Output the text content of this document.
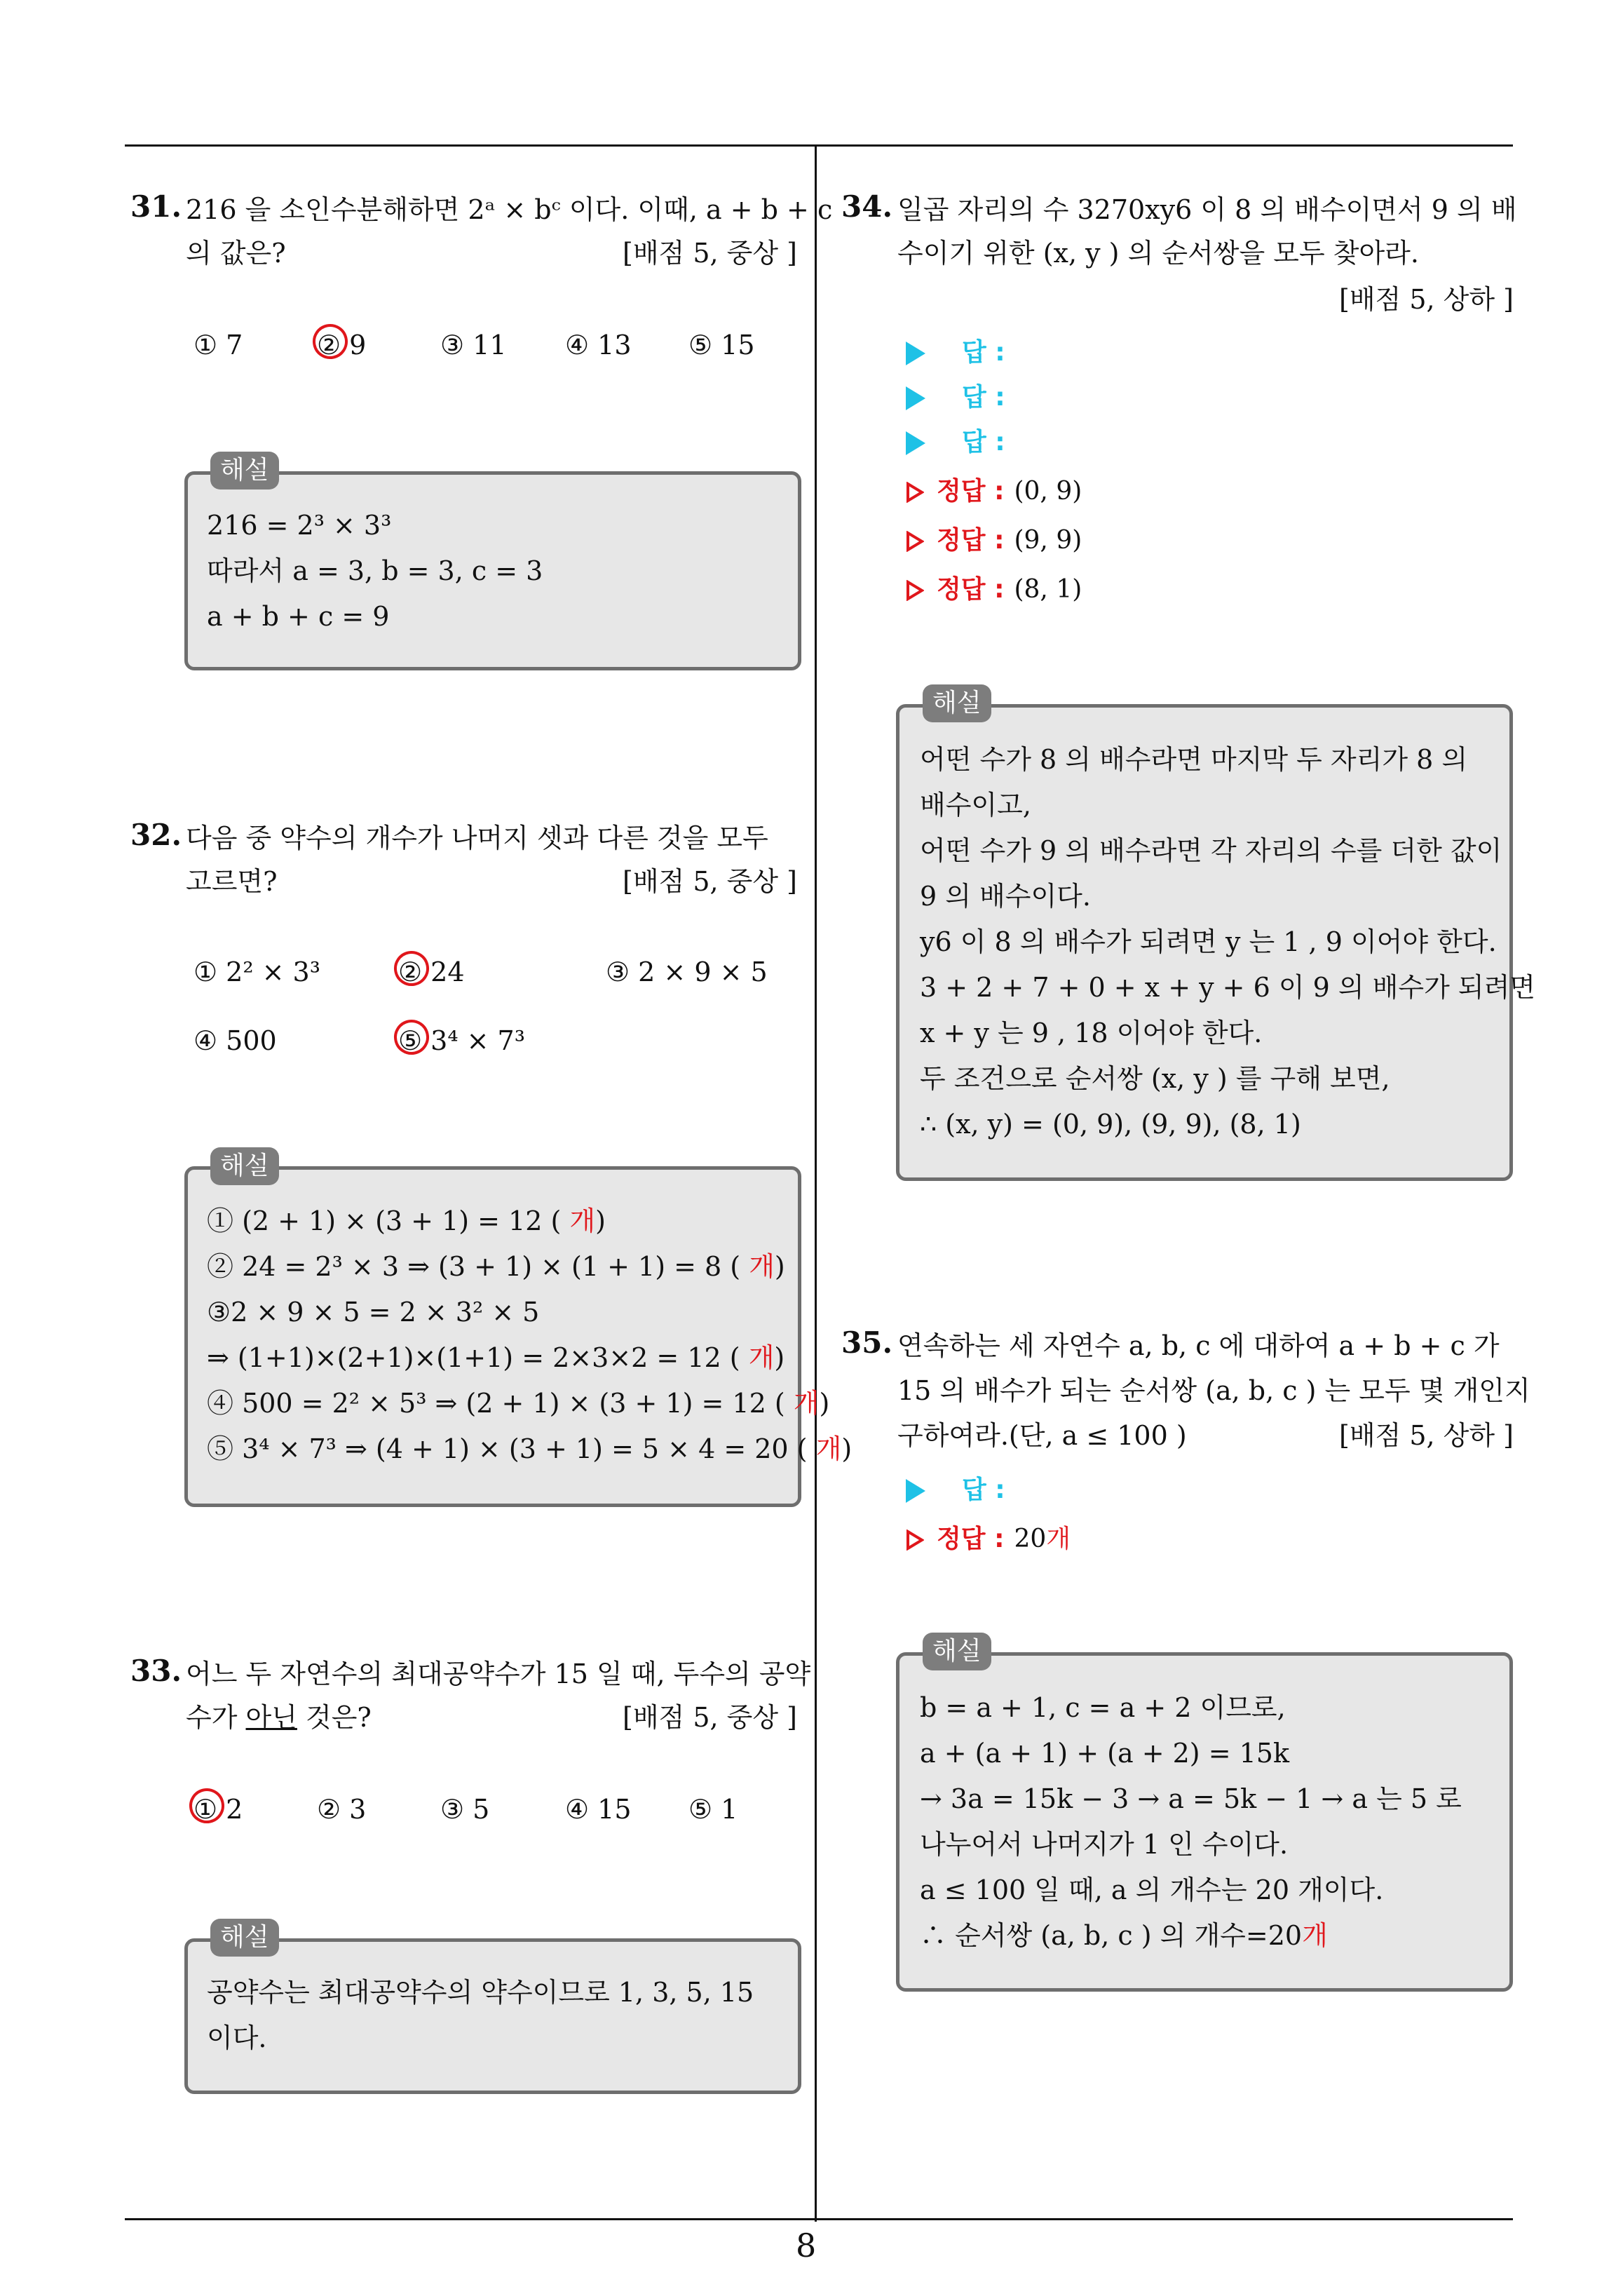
31. 216 을 소인수분해하면 2ᵃ × bᶜ 이다. 이때, a + b + c
의 값은?	[배점 5, 중상 ]
① 7	② 9	③ 11 ④ 13 ⑤ 15
해설
216 = 2³ × 3³
따라서 a = 3, b = 3, c = 3
a + b + c = 9
32. 다음 중 약수의 개수가 나머지 셋과 다른 것을 모두
고르면?	[배점 5, 중상 ]
① 2² × 3³	② 24	③ 2 × 9 × 5
④ 500	⑤ 3⁴ × 7³
해설
① (2 + 1) × (3 + 1) = 12 ( 개)
② 24 = 2³ × 3 ⇒ (3 + 1) × (1 + 1) = 8 ( 개)
③2 × 9 × 5 = 2 × 3² × 5
⇒ (1+1)×(2+1)×(1+1) = 2×3×2 = 12 ( 개)
④ 500 = 2² × 5³ ⇒ (2 + 1) × (3 + 1) = 12 ( 개)
⑤ 3⁴ × 7³ ⇒ (4 + 1) × (3 + 1) = 5 × 4 = 20 ( 개)
33. 어느 두 자연수의 최대공약수가 15 일 때, 두수의 공약
수가 아닌 것은?	[배점 5, 중상 ]
① 2	② 3	③ 5	④ 15 ⑤ 1
해설
공약수는 최대공약수의 약수이므로 1, 3, 5, 15
이다.
34. 일곱 자리의 수 3270xy6 이 8 의 배수이면서 9 의 배
수이기 위한 (x, y ) 의 순서쌍을 모두 찾아라.
[배점 5, 상하 ]
답 :
답 :
답 :
정답 : (0, 9)
정답 : (9, 9)
정답 : (8, 1)
해설
어떤 수가 8 의 배수라면 마지막 두 자리가 8 의
배수이고,
어떤 수가 9 의 배수라면 각 자리의 수를 더한 값이
9 의 배수이다.
y6 이 8 의 배수가 되려면 y 는 1 , 9 이어야 한다.
3 + 2 + 7 + 0 + x + y + 6 이 9 의 배수가 되려면
x + y 는 9 , 18 이어야 한다.
두 조건으로 순서쌍 (x, y ) 를 구해 보면,
∴ (x, y) = (0, 9), (9, 9), (8, 1)
35. 연속하는 세 자연수 a, b, c 에 대하여 a + b + c 가
15 의 배수가 되는 순서쌍 (a, b, c ) 는 모두 몇 개인지
구하여라.(단, a ≤ 100 )	[배점 5, 상하 ]
답 :
정답 : 20개
해설
b = a + 1, c = a + 2 이므로,
a + (a + 1) + (a + 2) = 15k
→ 3a = 15k − 3 → a = 5k − 1 → a 는 5 로
나누어서 나머지가 1 인 수이다.
a ≤ 100 일 때, a 의 개수는 20 개이다.
∴ 순서쌍 (a, b, c ) 의 개수=20개
8
